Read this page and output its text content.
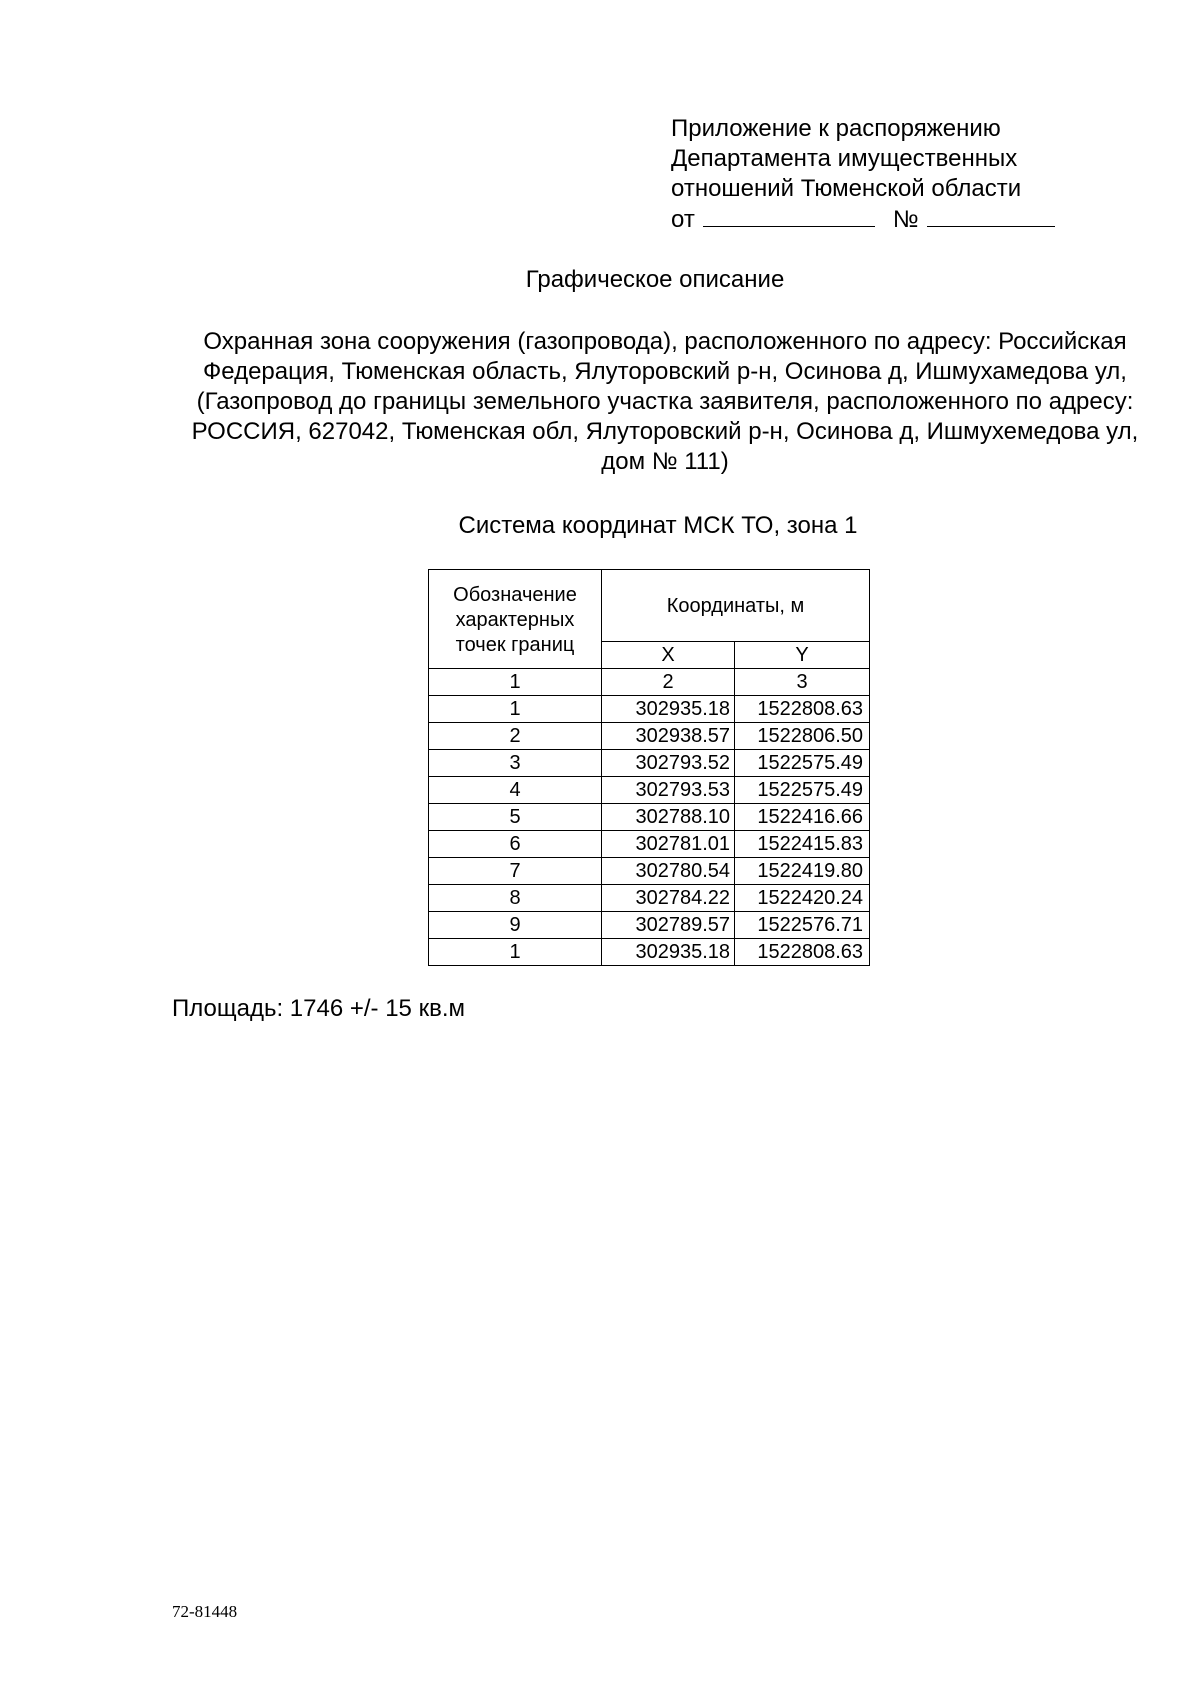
Приложение к распоряжению
Департамента имущественных
отношений Тюменской области
от	№
Графическое описание
Охранная зона сооружения (газопровода), расположенного по адресу: Российская Федерация, Тюменская область, Ялуторовский р-н, Осинова д, Ишмухамедова ул, (Газопровод до границы земельного участка заявителя, расположенного по адресу: РОССИЯ, 627042, Тюменская обл, Ялуторовский р-н, Осинова д, Ишмухемедова ул, дом № 111)
Система координат МСК ТО, зона 1
Обозначение характерных точек границ	Координаты, м	
	X	Y
1	2	3
1	302935.18	1522808.63
2	302938.57	1522806.50
3	302793.52	1522575.49
4	302793.53	1522575.49
5	302788.10	1522416.66
6	302781.01	1522415.83
7	302780.54	1522419.80
8	302784.22	1522420.24
9	302789.57	1522576.71
1	302935.18	1522808.63
Площадь: 1746 +/- 15 кв.м
72-81448
